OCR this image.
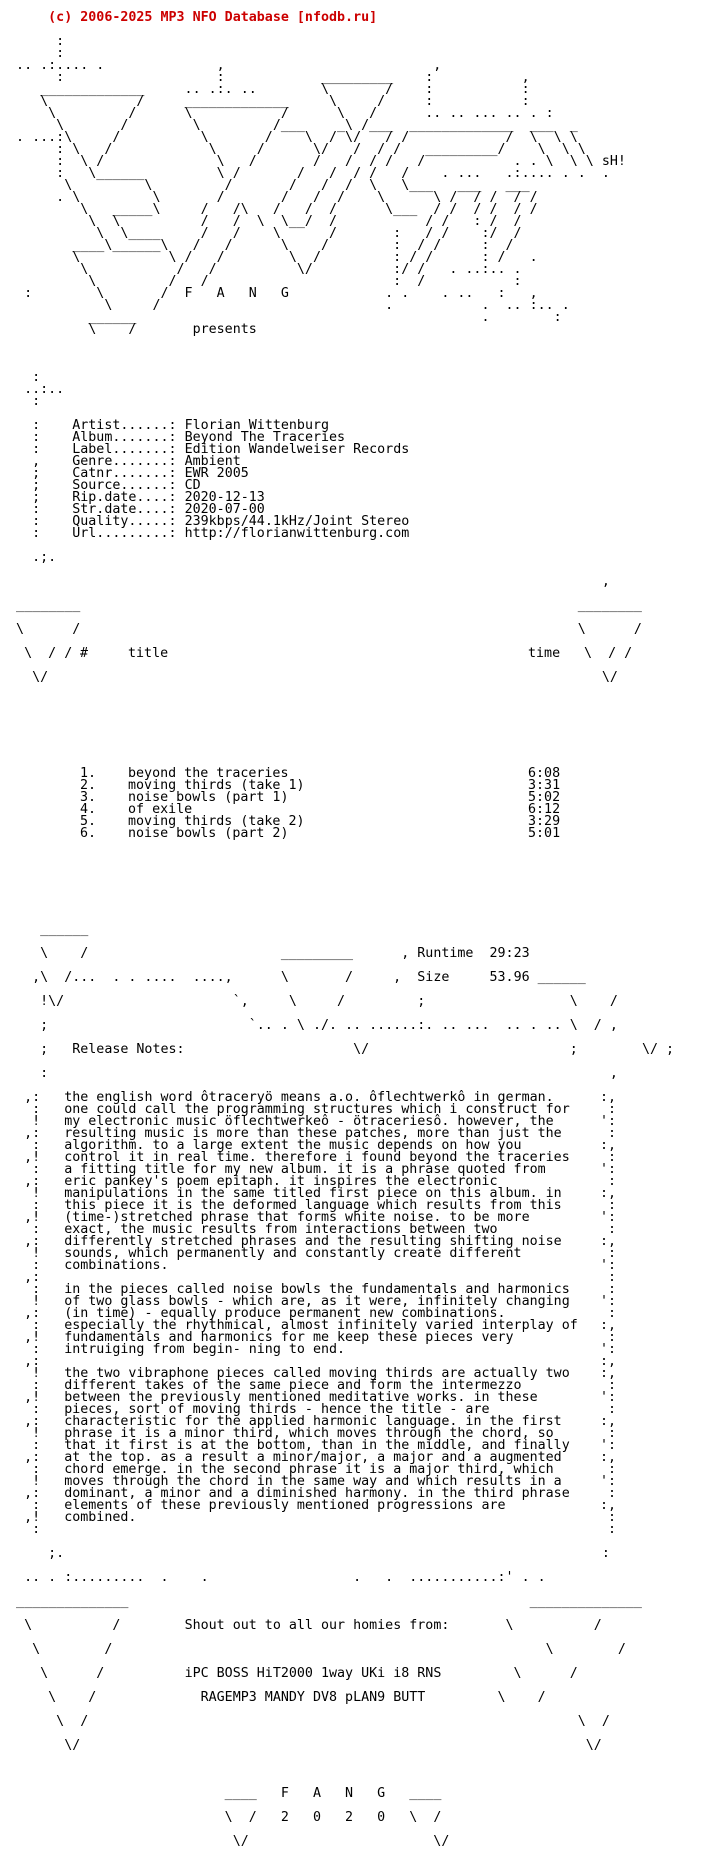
(c) 2006-2025 MP3 NFO Database [nfodb.ru]

:
:
.. .:.... .              ,                          ,
:                   :            _________    :           ,
_____________     .. .:. ..        \       /    :           :
\           /     _____________     \     /     :           :
\         /      \           /      \   /      .. .. ... .. . :
\       /        \         /___    _\ /___  _____________  ___  _
. ...:\     /          \       /    \  / \/   / /            /  \  \ \
: \   /            \     /      \/   /  / /   _________/    \  \ \
:  \ /              \   /       /   /  / /   /           . . \  \ \ sH!
:   \______         \ /       /   /  / /   /    . ...   .:.... . .  .
\         \         /       /   /  /  \   \___   ___   ___
. \         \       /       /   /  /    \      \ /  / /  / /
\   _____\     /   /\   /   /  /      \___  / /  / /  / /
\  \          /   /  \  \__/  /           / /   : /  /
\  \____     /   /    \      /       :   / /    :/  /
____\______\   /   /      \    /        :  / /     :  /
\           \ /   /        \  /         : / /      : /   .
\           /   /          \/          :/ /   . ..:.. .
\         /   /                       :  /           :
:        \       /  F   A   N   G            . .    . ..   :   ,
\     /                            .           .  .. :.. .
______                                           .        :
\    /       presents

:
..:..
:

:    Artist......: Florian Wittenburg
:    Album.......: Beyond The Traceries
:    Label.......: Edition Wandelweiser Records
,    Genre.......: Ambient
;    Catnr.......: EWR 2005
;    Source......: CD
;    Rip.date....: 2020-12-13
:    Str.date....: 2020-07-00
:    Quality.....: 239kbps/44.1kHz/Joint Stereo
:    Url.........: http://florianwittenburg.com

.;.

,

________                                                              ________

\      /                                                              \      /

\  / / #	title	time \  / /

\/                                                                     \/

1. beyond the traceries	6:08

2. moving thirds (take 1)	3:31

3. noise bowls (part 1)	5:02

4. of exile	6:12

5. moving thirds (take 2)	3:29

6. noise bowls (part 2)	5:01

______

\    /                        _________      , Runtime 29:23

,\  /...  . . ....  ....,      \       /     ,  Size	53.96 ______

!\/                     `,     \     /         ;                  \    /

;                         `.. . \ ./. .. ......:. .. ...  .. . .. \  / ,

;   Release Notes:                     \/                         ;        \/ ;

:                                                                      ,

,:   the english word ôtraceryö means a.o. ôflechtwerkô in german.	:,
:   one could call the programming structures which i construct for :
!   my electronic music öflechtwerkeô - ötraceriesô. however, the	':
,:   resulting music is more than these patches, more than just the	:
:   algorithm. to a large extent the music depends on how you	:,
,!   control it in real time. therefore i found beyond the traceries :
:   a fitting title for my new album. it is a phrase quoted from	':
,:   eric pankey's poem epitaph. it inspires the electronic	:
!   manipulations in the same titled first piece on this album. in	:,
:   this piece it is the deformed language which results from this	:
,!   (time-)stretched phrase that forms white noise. to be more	':
:   exact, the music results from interactions between two	:
,:   differently stretched phrases and the resulting shifting noise	:,
!   sounds, which permanently and constantly create different	:
:   combinations.	':
,:	:
:   in the pieces called noise bowls the fundamentals and harmonics :
!   of two glass bowls - which are, as it were, infinitely changing ':
,:   (in time) - equally produce permanent new combinations.	:
:   especially the rhythmical, almost infinitely varied interplay of :,
,!   fundamentals and harmonics for me keep these pieces very	:
:   intruiging from begin- ning to end.	':
,:	:,
!   the two vibraphone pieces called moving thirds are actually two :,
:   different takes of the same piece and form the intermezzo	:
,!   between the previously mentioned meditative works. in these	':
:   pieces, sort of moving thirds - hence the title - are	:
,:   characteristic for the applied harmonic language. in the first	:,
!   phrase it is a minor third, which moves through the chord, so	:
:   that it first is at the bottom, than in the middle, and finally ':
,:   at the top. as a result a minor/major, a major and a augmented	:,
:   chord emerge. in the second phrase it is a major third, which	:
!   moves through the chord in the same way and which results in a	':
,:   dominant, a minor and a diminished harmony. in the third phrase :
:   elements of these previously mentioned progressions are	:,
,!   combined.	:
:	:

;.                                                                   :

.. . :.........  .    .                  .   .  ...........:' . .

______________                                                  ______________

\          /        Shout out to all our homies from:       \          /

\        /                                                      \        /

\      /          iPC BOSS HiT2000 1way UKi i8 RNS         \      /

\    /             RAGEMP3 MANDY DV8 pLAN9 BUTT         \    /

\  /                                                             \  /

\/                                                               \/

____   F   A   N   G   ____

\  /   2   0   2   0   \  /

\/                       \/
